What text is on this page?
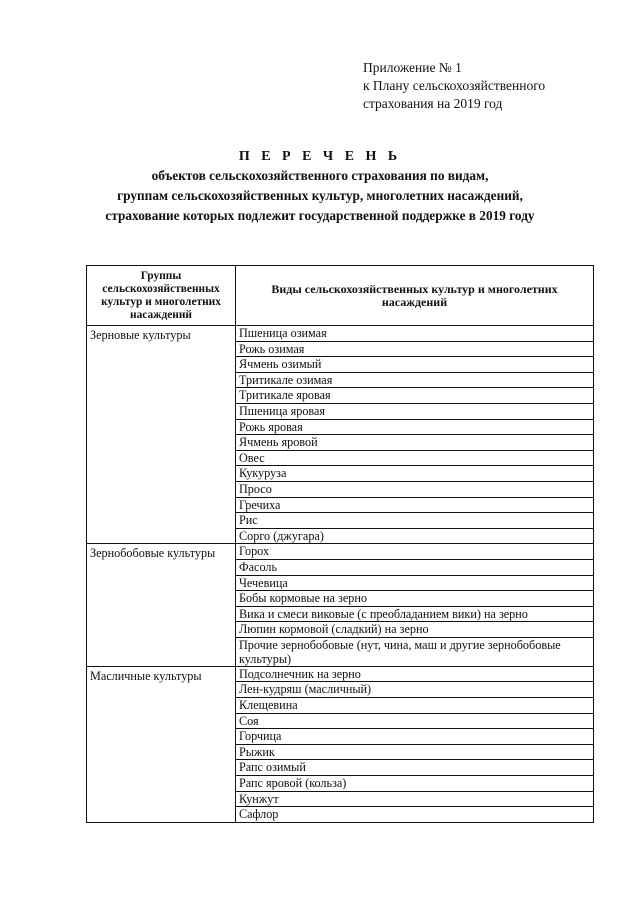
Приложение № 1
к Плану сельскохозяйственного
страхования на 2019 год
П Е Р Е Ч Е Н Ь
объектов сельскохозяйственного страхования по видам,
группам сельскохозяйственных культур, многолетних насаждений,
страхование которых подлежит государственной поддержке в 2019 году
Группы сельскохозяйственных культур и многолетних насаждений	Виды сельскохозяйственных культур и многолетних насаждений
Зерновые культуры	Пшеница озимая
	Рожь озимая
	Ячмень озимый
	Тритикале озимая
	Тритикале яровая
	Пшеница яровая
	Рожь яровая
	Ячмень яровой
	Овес
	Кукуруза
	Просо
	Гречиха
	Рис
	Сорго (джугара)
Зернобобовые культуры	Горох
	Фасоль
	Чечевица
	Бобы кормовые на зерно
	Вика и смеси виковые (с преобладанием вики) на зерно
	Люпин кормовой (сладкий) на зерно
	Прочие зернобобовые (нут, чина, маш и другие зернобобовые культуры)
Масличные культуры	Подсолнечник на зерно
	Лен-кудряш (масличный)
	Клещевина
	Соя
	Горчица
	Рыжик
	Рапс озимый
	Рапс яровой (кольза)
	Кунжут
	Сафлор
